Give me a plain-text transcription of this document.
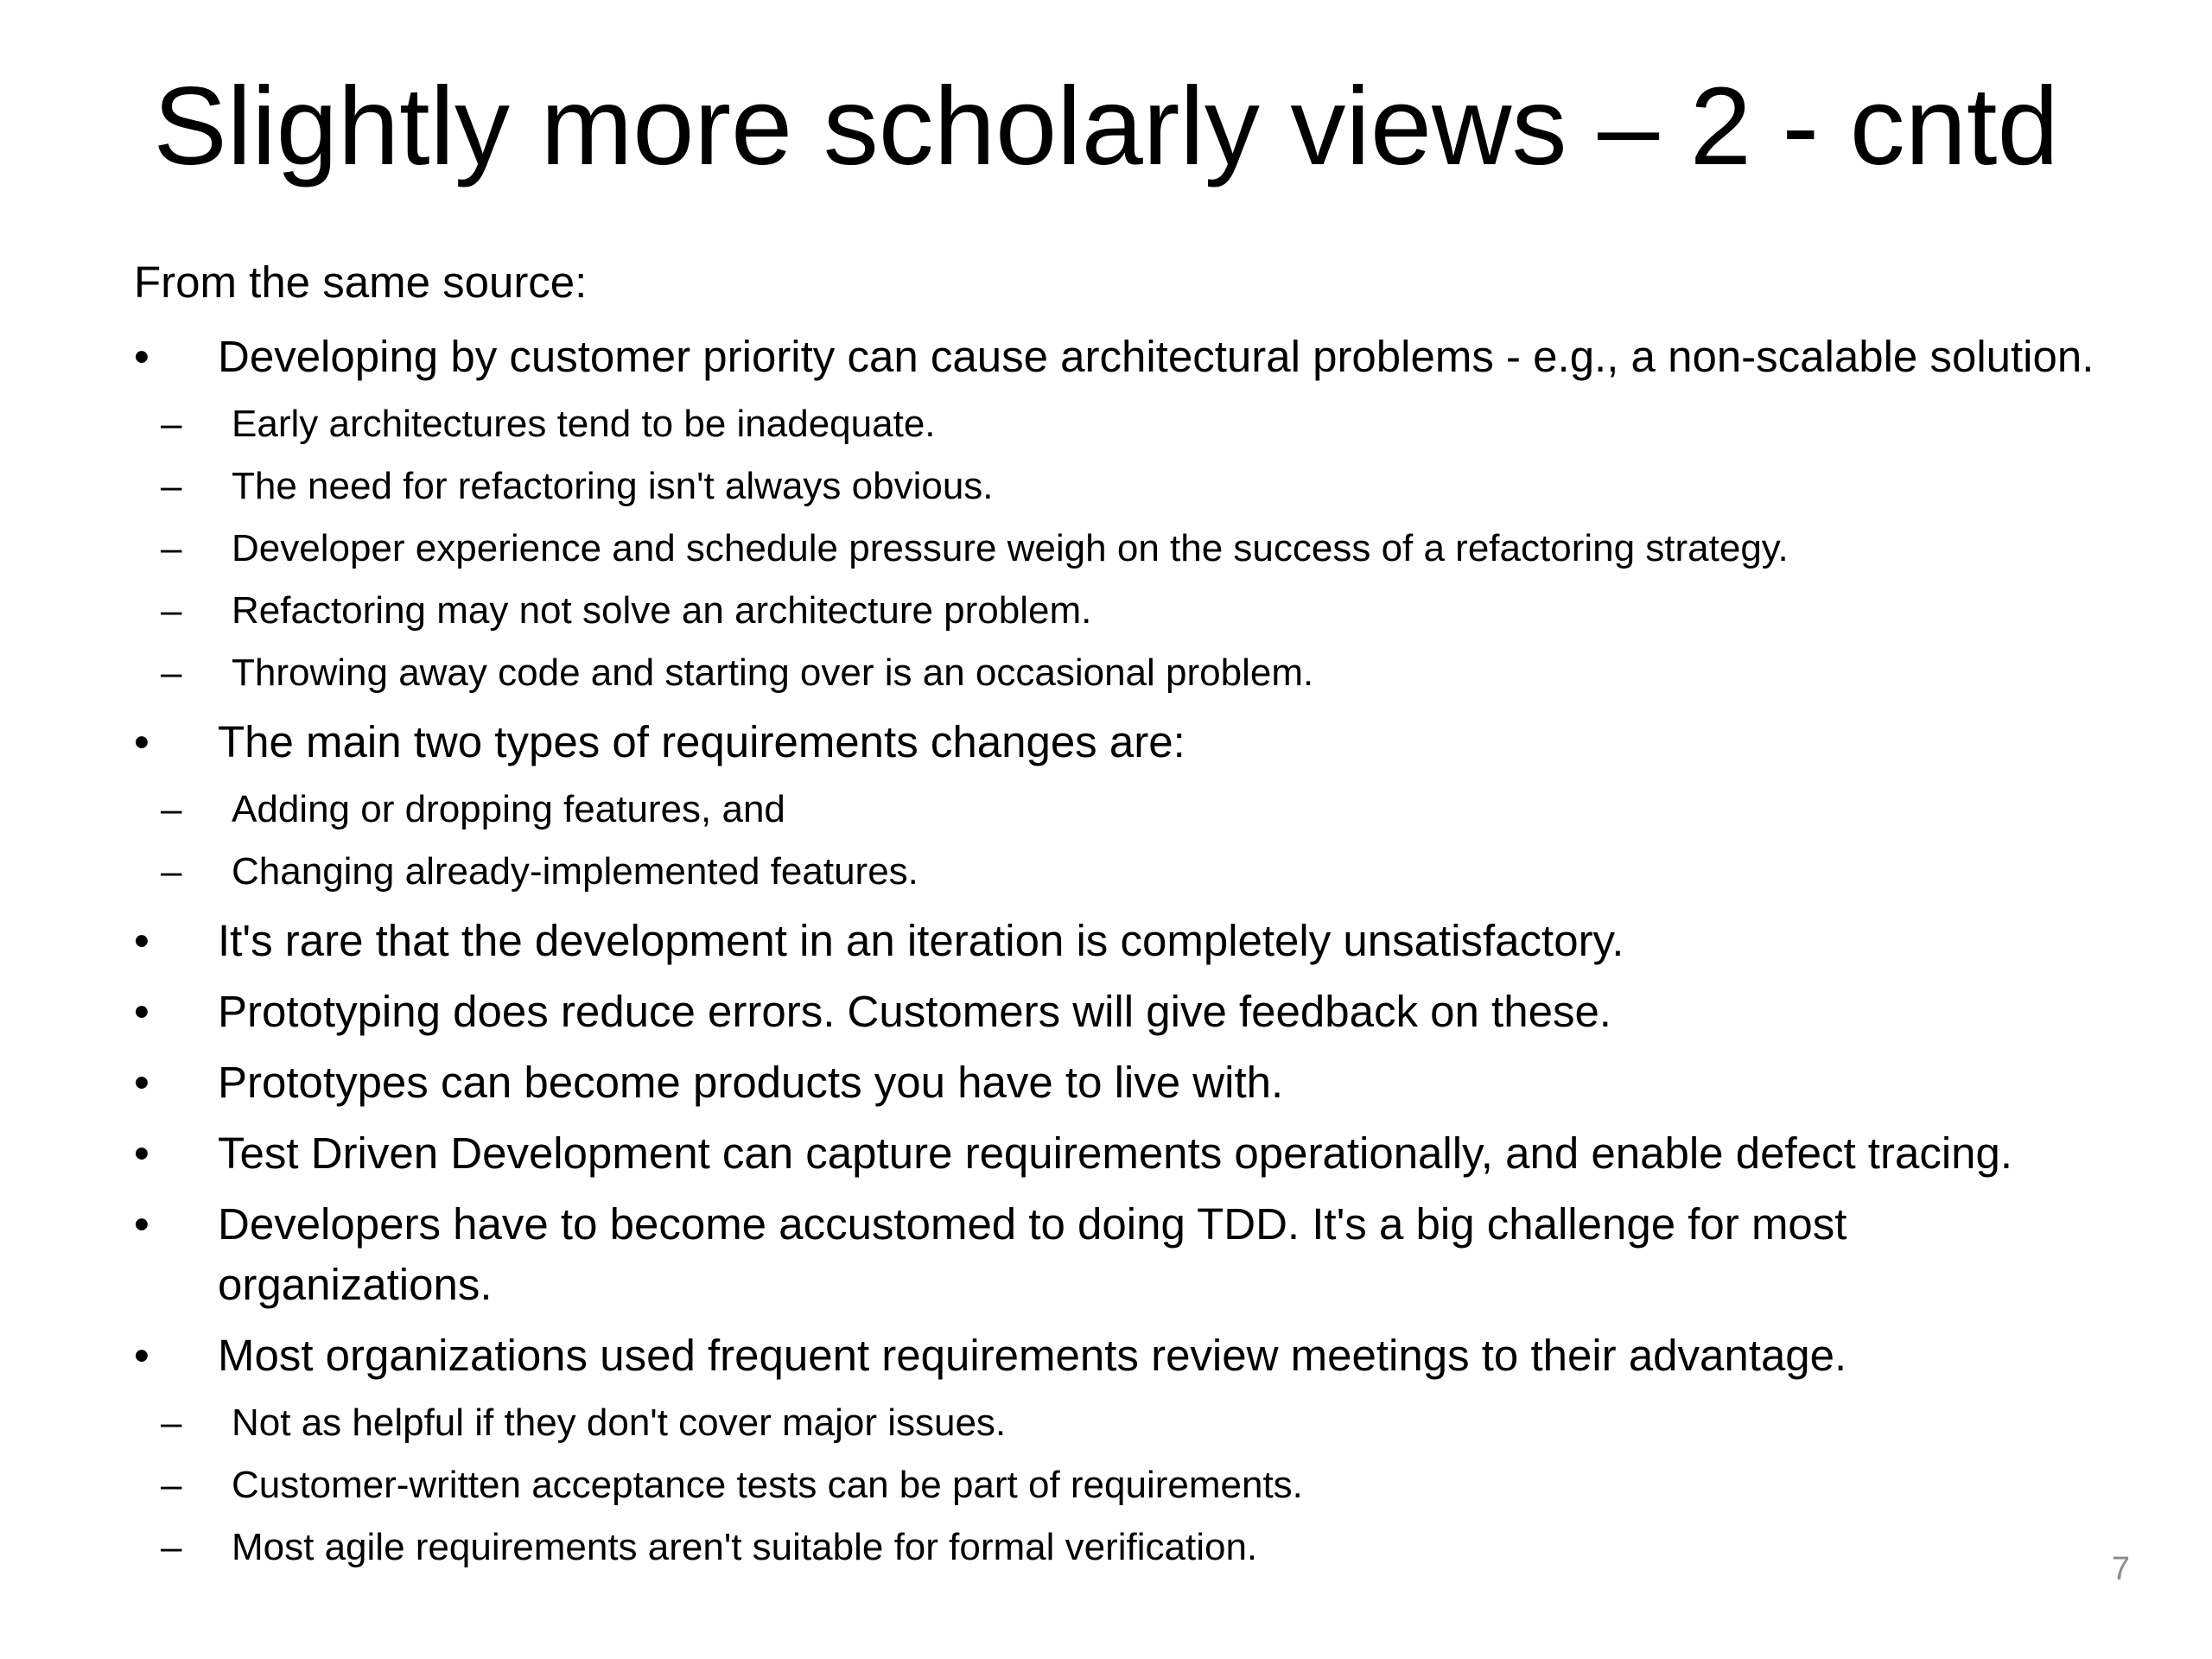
Slightly more scholarly views – 2 - cntd
From the same source:
•	Developing by customer priority can cause architectural problems - e.g., a non-scalable solution.
– Early architectures tend to be inadequate.
– The need for refactoring isn't always obvious.
– Developer experience and schedule pressure weigh on the success of a refactoring strategy.
– Refactoring may not solve an architecture problem.
– Throwing away code and starting over is an occasional problem.
•	The main two types of requirements changes are:
– Adding or dropping features, and
– Changing already-implemented features.
•	It's rare that the development in an iteration is completely unsatisfactory.
•	Prototyping does reduce errors. Customers will give feedback on these.
•	Prototypes can become products you have to live with.
•	Test Driven Development can capture requirements operationally, and enable defect tracing.
•	Developers have to become accustomed to doing TDD. It's a big challenge for most organizations.
•	Most organizations used frequent requirements review meetings to their advantage.
– Not as helpful if they don't cover major issues.
– Customer-written acceptance tests can be part of requirements.
– Most agile requirements aren't suitable for formal verification.
7
